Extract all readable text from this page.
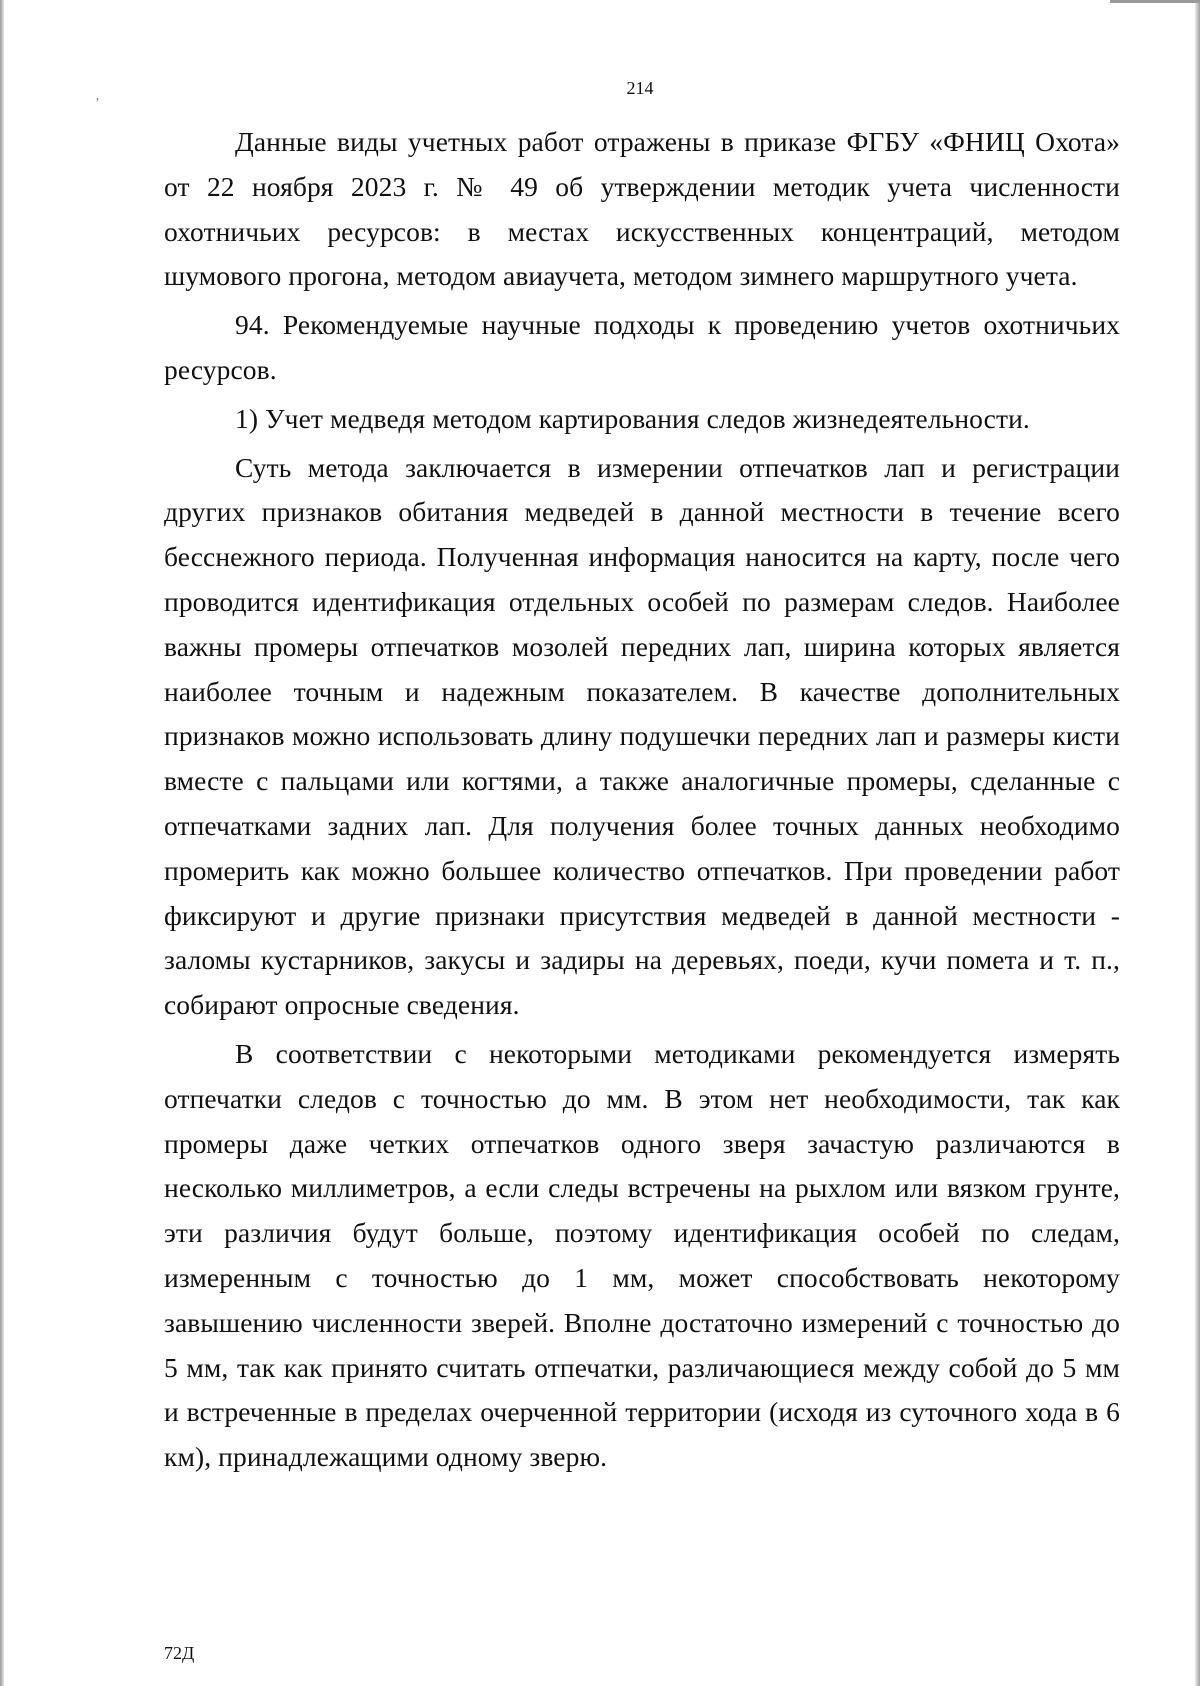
ʼ
214

Данные виды учетных работ отражены в приказе ФГБУ «ФНИЦ Охота» от 22 ноября 2023 г. № 49 об утверждении методик учета численности охотничьих ресурсов: в местах искусственных концентраций, методом шумового прогона, методом авиаучета, методом зимнего маршрутного учета.

94. Рекомендуемые научные подходы к проведению учетов охотничьих ресурсов.

1) Учет медведя методом картирования следов жизнедеятельности.

Суть метода заключается в измерении отпечатков лап и регистрации других признаков обитания медведей в данной местности в течение всего бесснежного периода. Полученная информация наносится на карту, после чего проводится идентификация отдельных особей по размерам следов. Наиболее важны промеры отпечатков мозолей передних лап, ширина которых является наиболее точным и надежным показателем. В качестве дополнительных признаков можно использовать длину подушечки передних лап и размеры кисти вместе с пальцами или когтями, а также аналогичные промеры, сделанные с отпечатками задних лап. Для получения более точных данных необходимо промерить как можно большее количество отпечатков. При проведении работ фиксируют и другие признаки присутствия медведей в данной местности - заломы кустарников, закусы и задиры на деревьях, поеди, кучи помета и т. п., собирают опросные сведения.

В соответствии с некоторыми методиками рекомендуется измерять отпечатки следов с точностью до мм. В этом нет необходимости, так как промеры даже четких отпечатков одного зверя зачастую различаются в несколько миллиметров, а если следы встречены на рыхлом или вязком грунте, эти различия будут больше, поэтому идентификация особей по следам, измеренным с точностью до 1 мм, может способствовать некоторому завышению численности зверей. Вполне достаточно измерений с точностью до 5 мм, так как принято считать отпечатки, различающиеся между собой до 5 мм и встреченные в пределах очерченной территории (исходя из суточного хода в 6 км), принадлежащими одному зверю.

72Д
